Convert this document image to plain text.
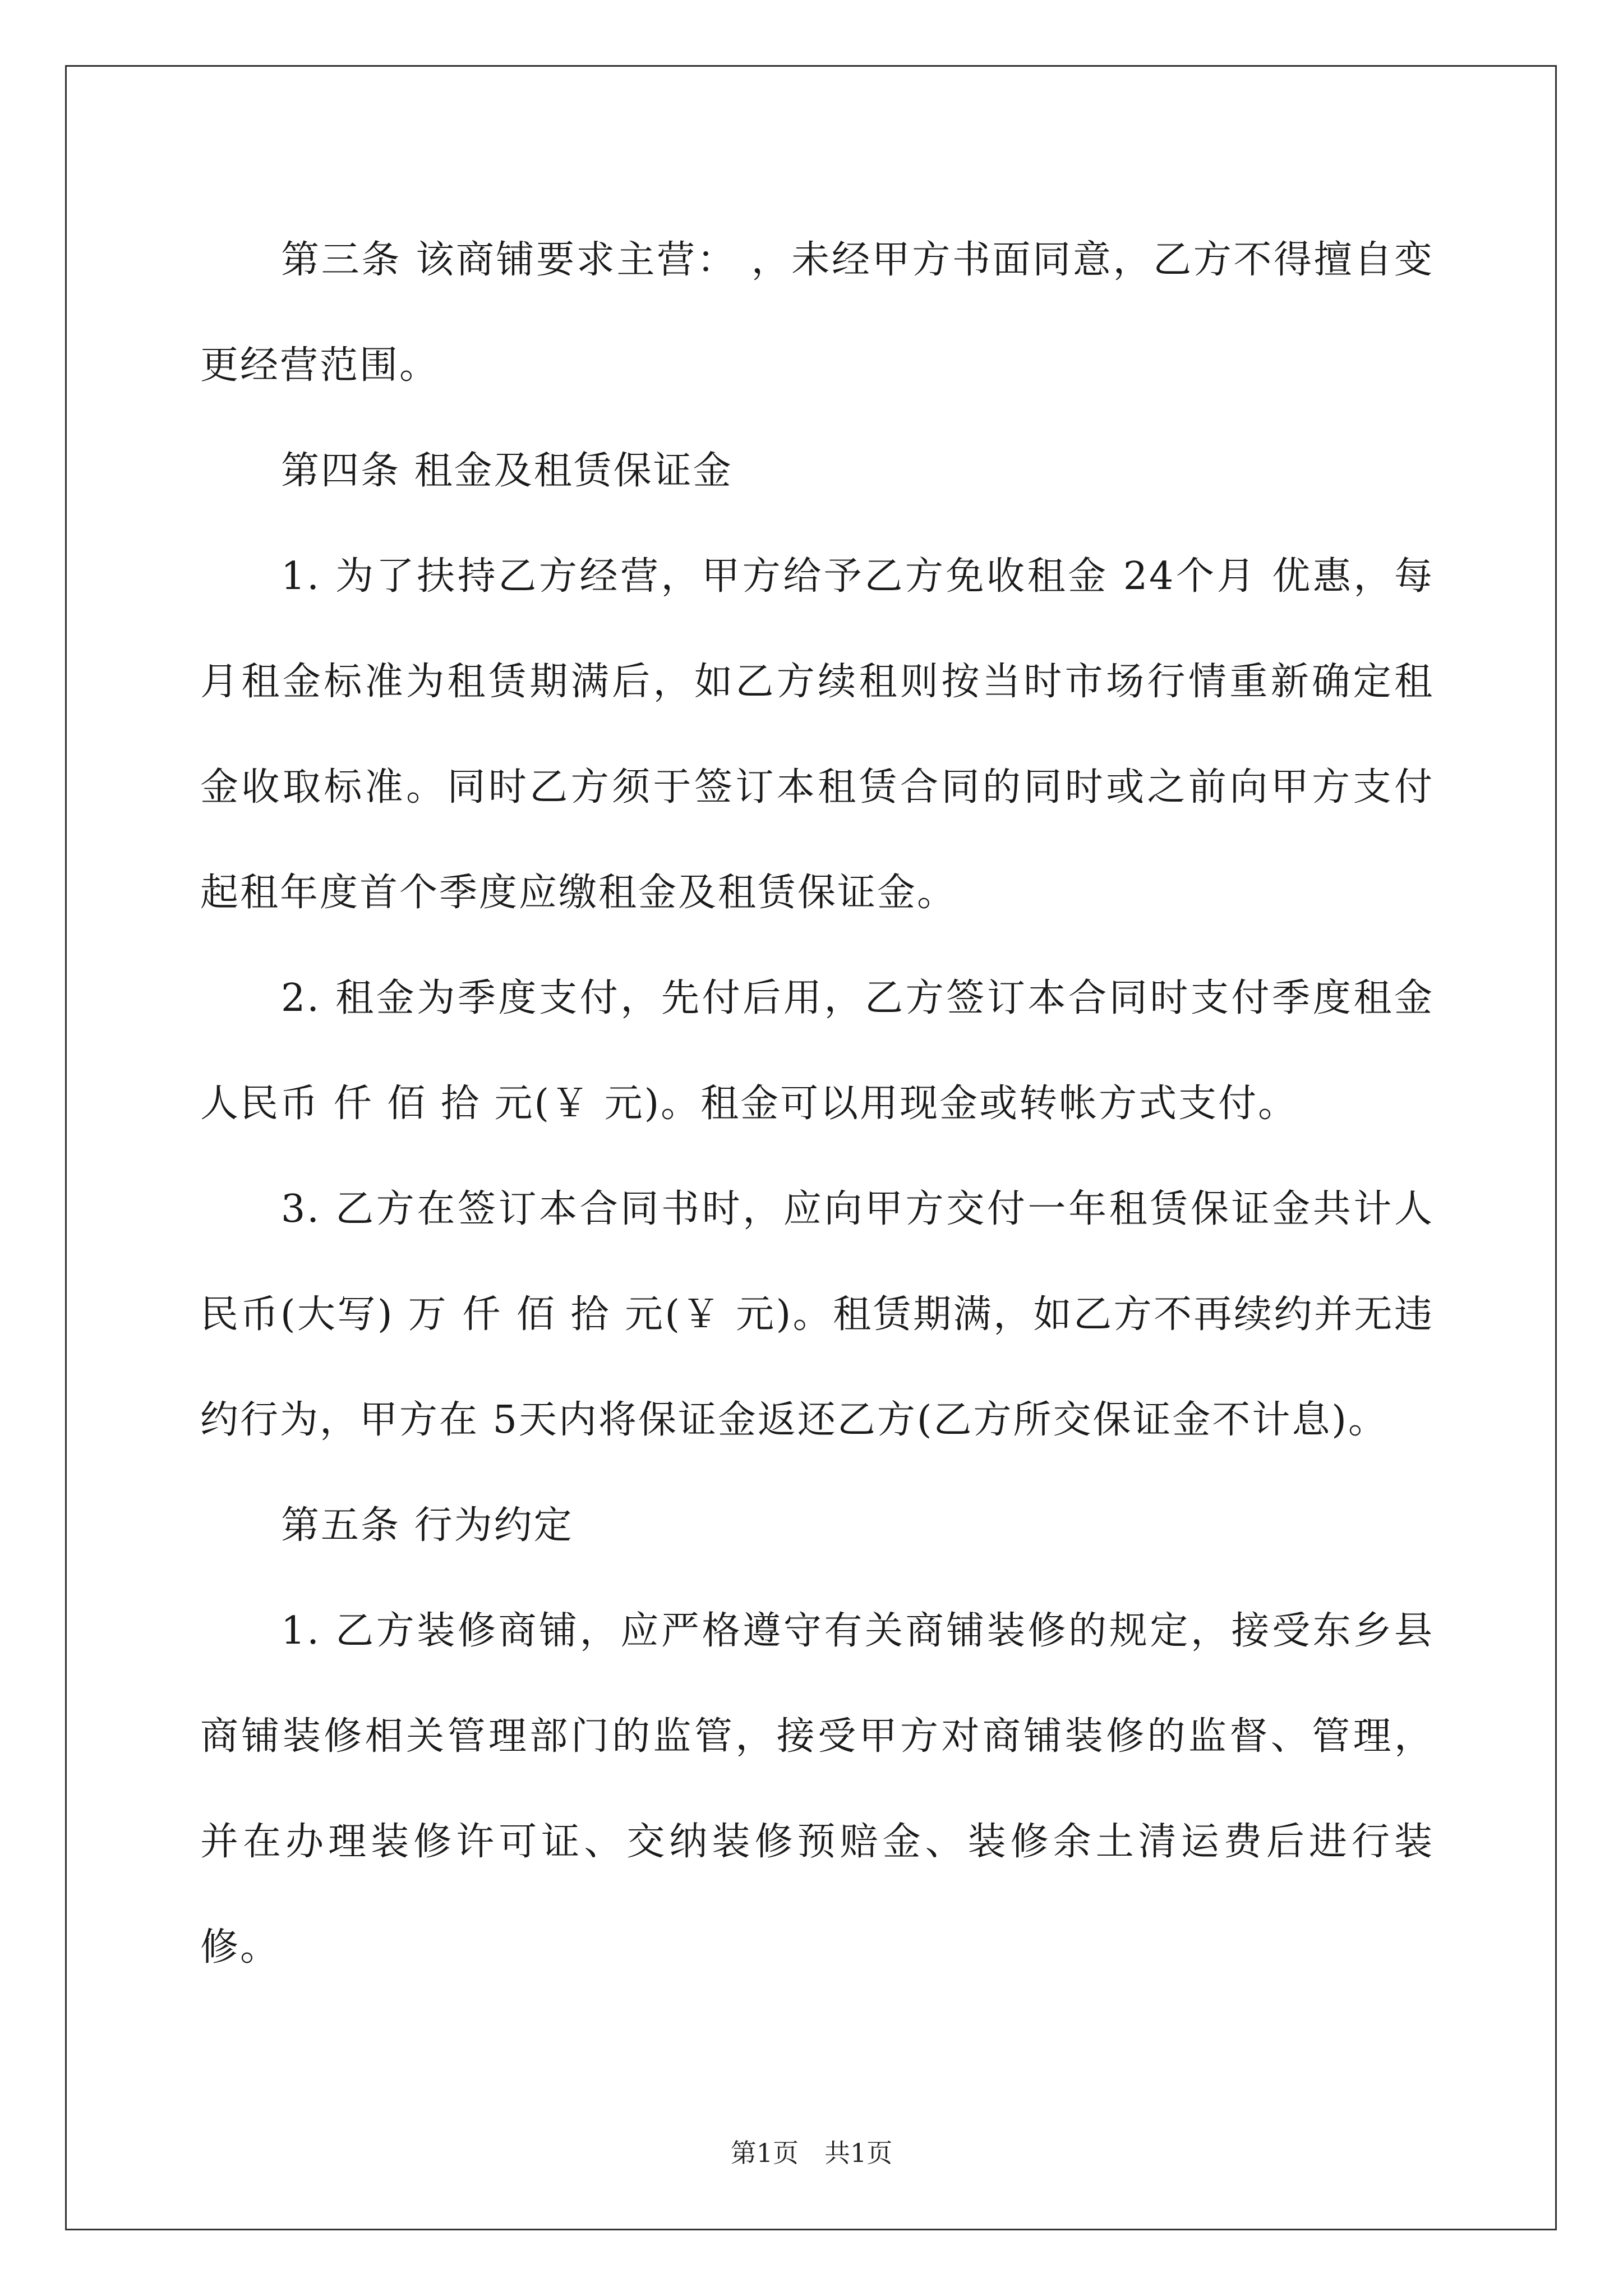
第三条 该商铺要求主营： ，未经甲方书面同意，乙方不得擅自变更经营范围。

第四条 租金及租赁保证金

1. 为了扶持乙方经营，甲方给予乙方免收租金 24个月 优惠，每月租金标准为租赁期满后，如乙方续租则按当时市场行情重新确定租金收取标准。同时乙方须于签订本租赁合同的同时或之前向甲方支付起租年度首个季度应缴租金及租赁保证金。

2. 租金为季度支付，先付后用，乙方签订本合同时支付季度租金人民币 仟 佰 拾 元(￥ 元)。租金可以用现金或转帐方式支付。

3. 乙方在签订本合同书时，应向甲方交付一年租赁保证金共计人民币(大写) 万 仟 佰 拾 元(￥ 元)。租赁期满，如乙方不再续约并无违约行为，甲方在 5天内将保证金返还乙方(乙方所交保证金不计息)。

第五条 行为约定

1. 乙方装修商铺，应严格遵守有关商铺装修的规定，接受东乡县商铺装修相关管理部门的监管，接受甲方对商铺装修的监督、管理，并在办理装修许可证、交纳装修预赔金、装修余土清运费后进行装修。

第1页　共1页
